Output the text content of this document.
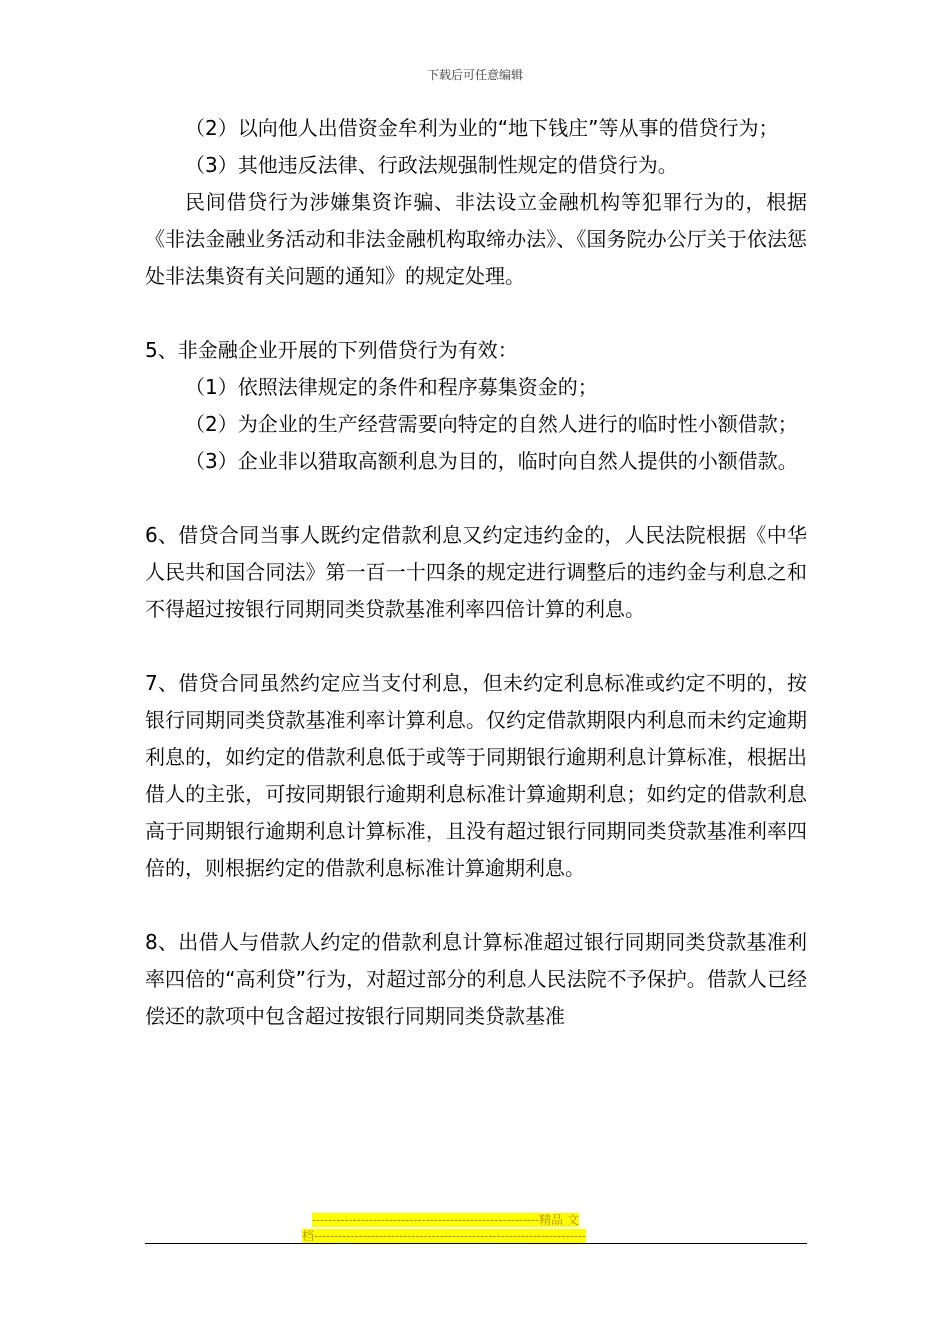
下载后可任意编辑

（2）以向他人出借资金牟利为业的“地下钱庄”等从事的借贷行为；

（3）其他违反法律、行政法规强制性规定的借贷行为。

民间借贷行为涉嫌集资诈骗、非法设立金融机构等犯罪行为的，根据《非法金融业务活动和非法金融机构取缔办法》、《国务院办公厅关于依法惩处非法集资有关问题的通知》的规定处理。

5、非金融企业开展的下列借贷行为有效：

（1）依照法律规定的条件和程序募集资金的；

（2）为企业的生产经营需要向特定的自然人进行的临时性小额借款；

（3）企业非以猎取高额利息为目的，临时向自然人提供的小额借款。

6、借贷合同当事人既约定借款利息又约定违约金的，人民法院根据《中华人民共和国合同法》第一百一十四条的规定进行调整后的违约金与利息之和不得超过按银行同期同类贷款基准利率四倍计算的利息。

7、借贷合同虽然约定应当支付利息，但未约定利息标准或约定不明的，按银行同期同类贷款基准利率计算利息。仅约定借款期限内利息而未约定逾期利息的，如约定的借款利息低于或等于同期银行逾期利息计算标准，根据出借人的主张，可按同期银行逾期利息标准计算逾期利息；如约定的借款利息高于同期银行逾期利息计算标准，且没有超过银行同期同类贷款基准利率四倍的，则根据约定的借款利息标准计算逾期利息。

8、出借人与借款人约定的借款利息计算标准超过银行同期同类贷款基准利率四倍的“高利贷”行为，对超过部分的利息人民法院不予保护。借款人已经偿还的款项中包含超过按银行同期同类贷款基准

--------------------------------------------------------精品 文
档-------------------------------------------------------------------
